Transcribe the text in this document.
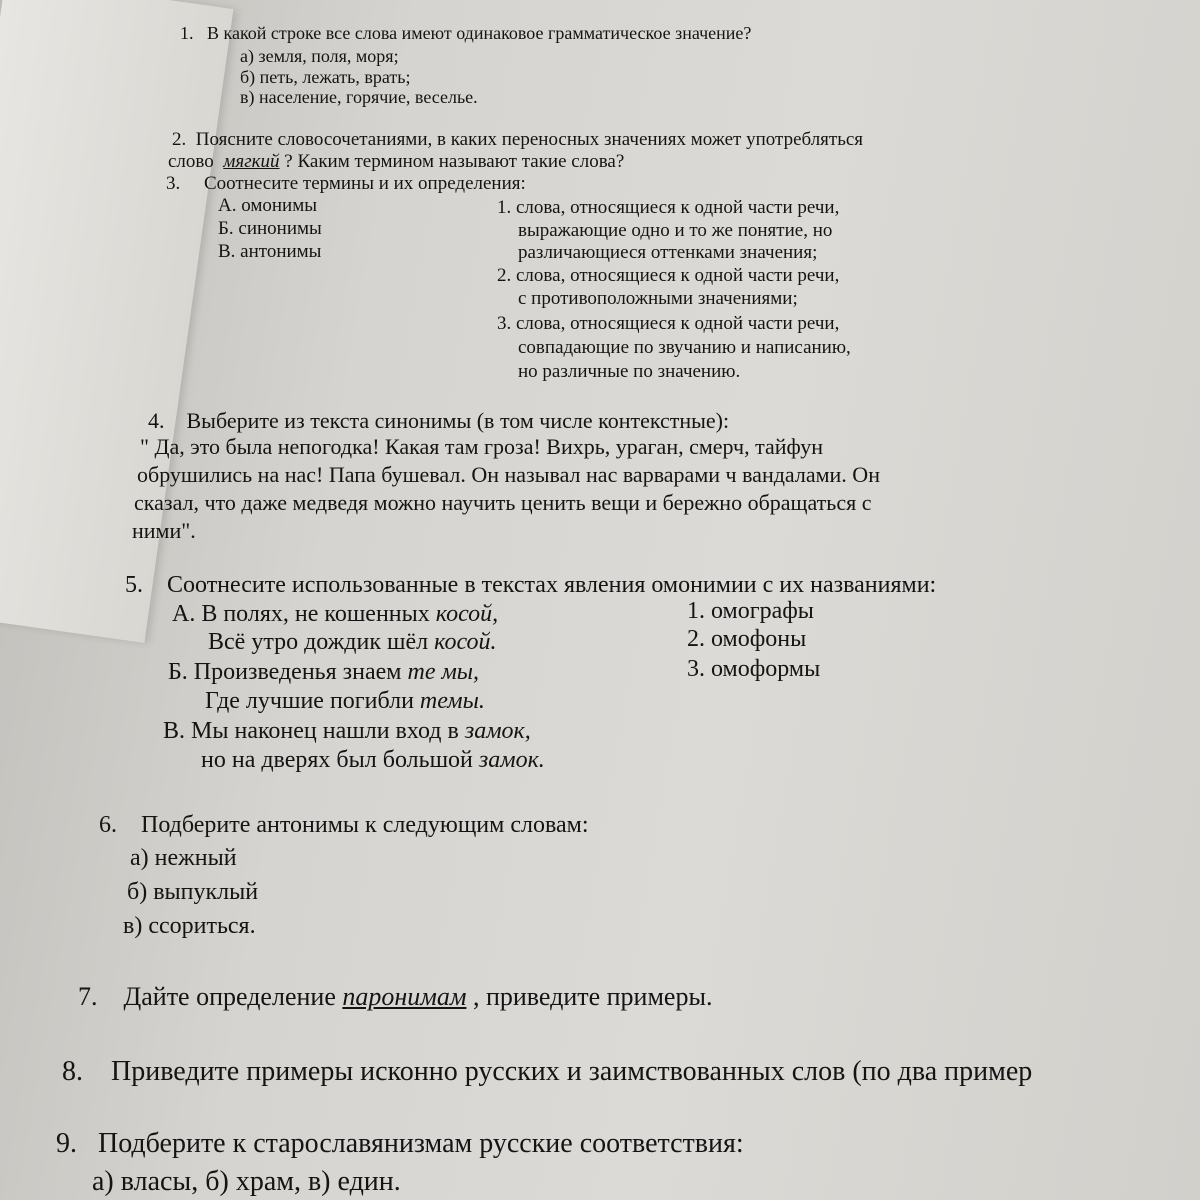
1. В какой строке все слова имеют одинаковое грамматическое значение?
а) земля, поля, моря;
б) петь, лежать, врать;
в) население, горячие, веселье.
2. Поясните словосочетаниями, в каких переносных значениях может употребляться
слово мягкий ? Каким термином называют такие слова?
3. Соотнесите термины и их определения:
А. омонимы
Б. синонимы
В. антонимы
1. слова, относящиеся к одной части речи,
выражающие одно и то же понятие, но
различающиеся оттенками значения;
2. слова, относящиеся к одной части речи,
с противоположными значениями;
3. слова, относящиеся к одной части речи,
совпадающие по звучанию и написанию,
но различные по значению.
4. Выберите из текста синонимы (в том числе контекстные):
" Да, это была непогодка! Какая там гроза! Вихрь, ураган, смерч, тайфун
обрушились на нас! Папа бушевал. Он называл нас варварами ч вандалами. Он
сказал, что даже медведя можно научить ценить вещи и бережно обращаться с
ними".
5. Соотнесите использованные в текстах явления омонимии с их названиями:
А. В полях, не кошенных косой,
Всё утро дождик шёл косой.
Б. Произведенья знаем те мы,
Где лучшие погибли темы.
В. Мы наконец нашли вход в замок,
но на дверях был большой замок.
1. омографы
2. омофоны
3. омоформы
6. Подберите антонимы к следующим словам:
а) нежный
б) выпуклый
в) ссориться.
7. Дайте определение паронимам , приведите примеры.
8. Приведите примеры исконно русских и заимствованных слов (по два пример
9. Подберите к старославянизмам русские соответствия:
а) власы, б) храм, в) един.
